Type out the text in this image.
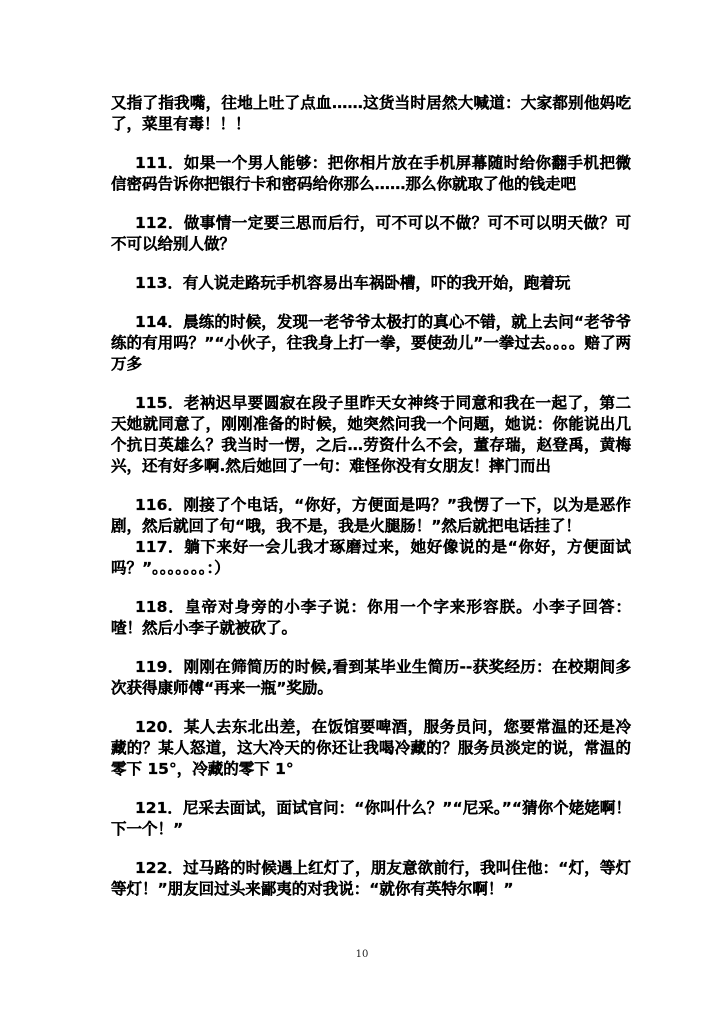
又指了指我嘴，往地上吐了点血……这货当时居然大喊道：大家都别他妈吃了，菜里有毒！！！

111．如果一个男人能够：把你相片放在手机屏幕随时给你翻手机把微信密码告诉你把银行卡和密码给你那么……那么你就取了他的钱走吧

112．做事情一定要三思而后行，可不可以不做？可不可以明天做？可不可以给别人做？

113．有人说走路玩手机容易出车祸卧槽，吓的我开始，跑着玩

114．晨练的时候，发现一老爷爷太极打的真心不错，就上去问“老爷爷练的有用吗？”“小伙子，往我身上打一拳，要使劲儿”一拳过去。。。。赔了两万多

115．老衲迟早要圆寂在段子里昨天女神终于同意和我在一起了，第二天她就同意了，刚刚准备的时候，她突然问我一个问题，她说：你能说出几个抗日英雄么？我当时一愣，之后…劳资什么不会，董存瑞，赵登禹，黄梅兴，还有好多啊.然后她回了一句：难怪你没有女朋友！摔门而出

116．刚接了个电话，“你好，方便面是吗？”我愣了一下，以为是恶作剧，然后就回了句“哦，我不是，我是火腿肠！”然后就把电话挂了！

117．躺下来好一会儿我才琢磨过来，她好像说的是“你好，方便面试吗？”。。。。。。。：）

118．皇帝对身旁的小李子说：你用一个字来形容朕。小李子回答：喳！然后小李子就被砍了。

119．刚刚在筛简历的时候,看到某毕业生简历--获奖经历：在校期间多次获得康师傅“再来一瓶”奖励。

120．某人去东北出差，在饭馆要啤酒，服务员问，您要常温的还是冷藏的？某人怒道，这大冷天的你还让我喝冷藏的？服务员淡定的说，常温的零下 15°，冷藏的零下 1°

121．尼采去面试，面试官问：“你叫什么？”“尼采。”“猜你个姥姥啊！下一个！”

122．过马路的时候遇上红灯了，朋友意欲前行，我叫住他：“灯，等灯等灯！”朋友回过头来鄙夷的对我说：“就你有英特尔啊！”

10
